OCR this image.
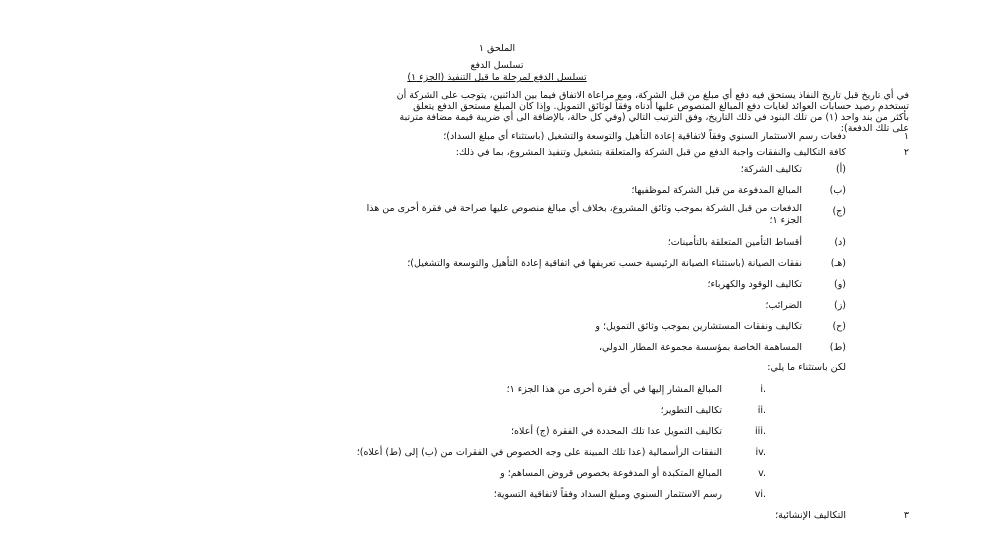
الملحق ١
تسلسل الدفع
تسلسل الدفع لمرحلة ما قبل التنفيذ (الجزء ١)
في أي تاريخ قبل تاريخ النفاذ يستحق فيه دفع أي مبلغ من قبل الشركة، ومع مراعاة الاتفاق فيما بين الدائنين، يتوجب على الشركة أن
تستخدم رصيد حسابات العوائد لغايات دفع المبالغ المنصوص عليها أدناه وفقاً لوثائق التمويل. وإذا كان المبلغ مستحق الدفع يتعلق
بأكثر من بند واحد (١) من تلك البنود في ذلك التاريخ، وفق الترتيب التالي (وفي كل حالة، بالإضافة الى أي ضريبة قيمة مضافة مترتبة
على تلك الدفعة):
١
دفعات رسم الاستثمار السنوي وفقاً لاتفاقية إعادة التأهيل والتوسعة والتشغيل (باستثناء أي مبلغ السداد)؛
٢
كافة التكاليف والنفقات واجبة الدفع من قبل الشركة والمتعلقة بتشغيل وتنفيذ المشروع، بما في ذلك:
(أ)
تكاليف الشركة؛
(ب)
المبالغ المدفوعة من قبل الشركة لموظفيها؛
(ج)
الدفعات من قبل الشركة بموجب وثائق المشروع، بخلاف أي مبالغ منصوص عليها صراحة في فقرة أخرى من هذا
الجزء ١؛
(د)
أقساط التأمين المتعلقة بالتأمينات؛
(هـ)
نفقات الصيانة (باستثناء الصيانة الرئيسية حسب تعريفها في اتفاقية إعادة التأهيل والتوسعة والتشغيل)؛
(و)
تكاليف الوقود والكهرباء؛
(ز)
الضرائب؛
(ح)
تكاليف ونفقات المستشارين بموجب وثائق التمويل؛ و
(ط)
المساهمة الخاصة بمؤسسة مجموعة المطار الدولي،
لكن باستثناء ما يلي:
i.
المبالغ المشار إليها في أي فقرة أخرى من هذا الجزء ١؛
ii.
تكاليف التطوير؛
iii.
تكاليف التمويل عدا تلك المحددة في الفقرة (ج) أعلاه؛
iv.
النفقات الرأسمالية (عدا تلك المبينة على وجه الخصوص في الفقرات من (ب) إلى (ط) أعلاه)؛
v.
المبالغ المتكبدة أو المدفوعة بخصوص قروض المساهم؛ و
vi.
رسم الاستثمار السنوي ومبلغ السداد وفقاً لاتفاقية التسوية؛
٣
التكاليف الإنشائية؛
